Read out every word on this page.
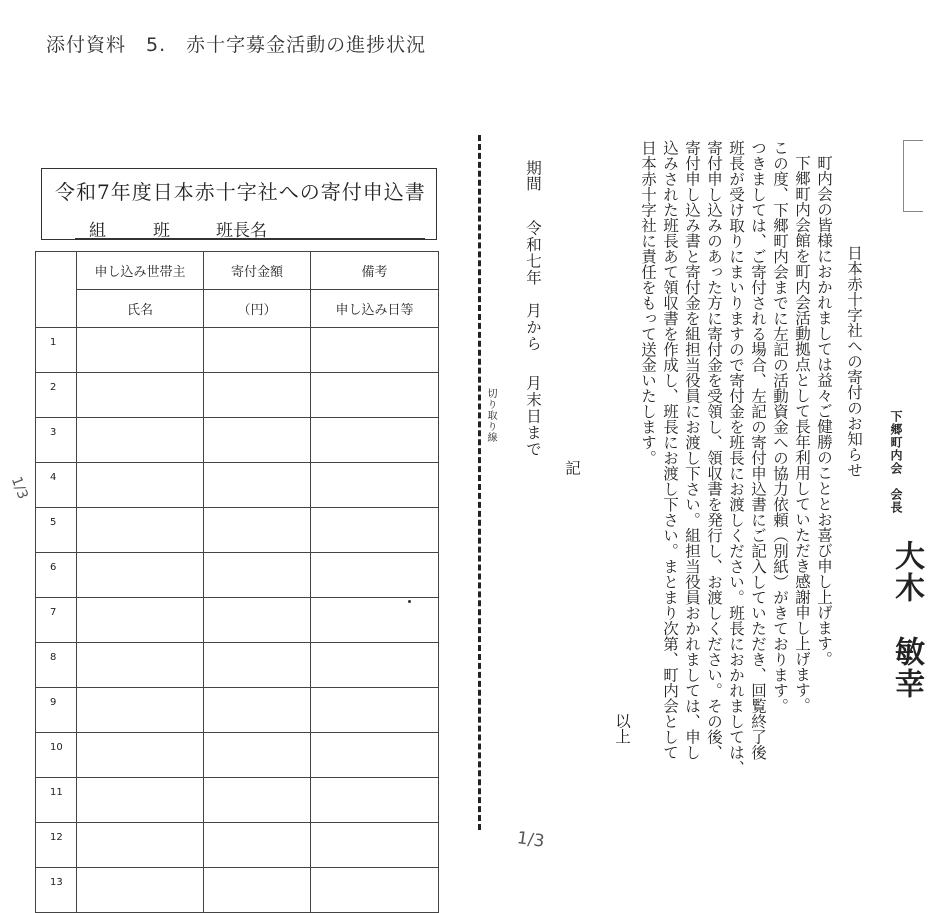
添付資料　5.　赤十字募金活動の進捗状況
令和7年度日本赤十字社への寄付申込書
組	班	班長名
	申し込み世帯主	寄付金額	備考
	氏名	（円）	申し込み日等
1			
2			
3			
4			
5			
6			
7			
8			
9			
10			
11			
12			
13			
1/3
1/3
切り取り線
期間
令和七年　月から
月末日まで
記
以上
日本赤十字社に責任をもって送金いたします。 込みされた班長あて領収書を作成し、班長にお渡し下さい。まとまり次第、町内会として 寄付申し込み書と寄付金を組担当役員にお渡し下さい。組担当役員おかれましては、申し 寄付申し込みのあった方に寄付金を受領し、領収書を発行し、お渡しください。その後、 班長が受け取りにまいりますので寄付金を班長にお渡しください。班長におかれましては、 つきましては、ご寄付される場合、左記の寄付申込書にご記入していただき、回覧終了後 この度、下郷町内会までに左記の活動資金への協力依頼（別紙）がきております。 下郷町内会館を町内会活動拠点として長年利用していただき感謝申し上げます。 町内会の皆様におかれましては益々ご健勝のこととお喜び申し上げます。 日本赤十字社への寄付のお知らせ 下郷町内会　会長
大木　敏幸
